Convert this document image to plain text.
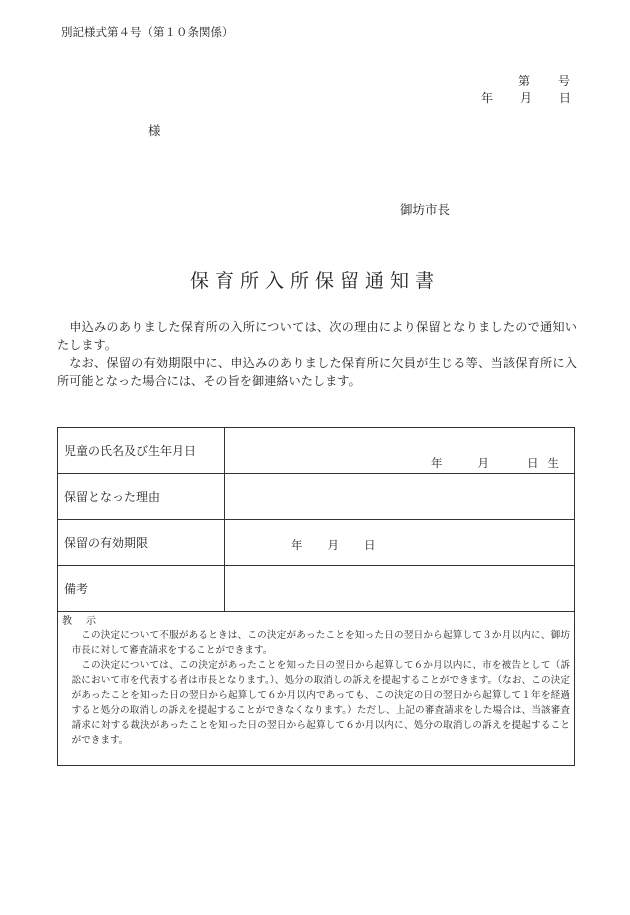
別記様式第４号（第１０条関係）
第 号
年 月 日
様
御坊市長
保育所入所保留通知書

申込みのありました保育所の入所については、次の理由により保留となりましたので通知いたします。

なお、保留の有効期限中に、申込みのありました保育所に欠員が生じる等、当該保育所に入所可能となった場合には、その旨を御連絡いたします。

児童の氏名及び生年月日	年 月 日 生

保留となった理由	
保留の有効期限	年 月 日

備考	

教 示

この決定について不服があるときは、この決定があったことを知った日の翌日から起算して３か月以内に、御坊市長に対して審査請求をすることができます。

この決定については、この決定があったことを知った日の翌日から起算して６か月以内に、市を被告として（訴訟において市を代表する者は市長となります。）、処分の取消しの訴えを提起することができます。（なお、この決定があったことを知った日の翌日から起算して６か月以内であっても、この決定の日の翌日から起算して１年を経過すると処分の取消しの訴えを提起することができなくなります。）ただし、上記の審査請求をした場合は、当該審査請求に対する裁決があったことを知った日の翌日から起算して６か月以内に、処分の取消しの訴えを提起することができます。	
